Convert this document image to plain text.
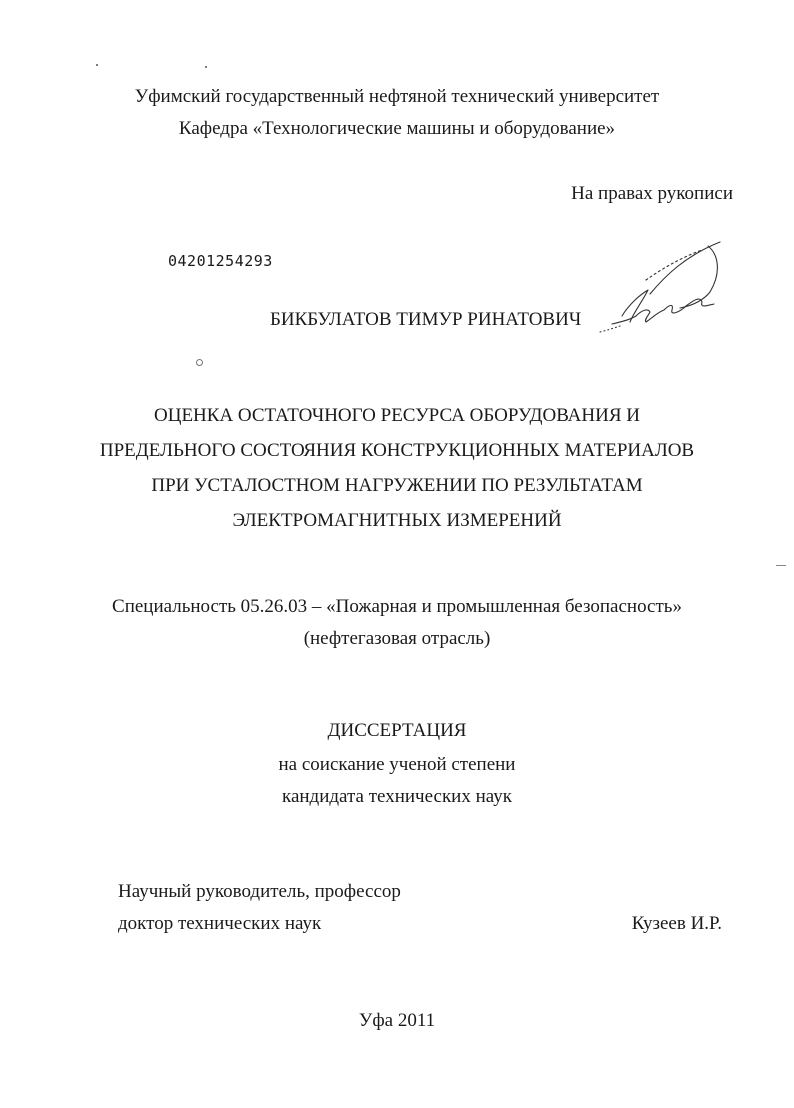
Уфимский государственный нефтяной технический университет
Кафедра «Технологические машины и оборудование»
На правах рукописи
04201254293
БИКБУЛАТОВ ТИМУР РИНАТОВИЧ
ОЦЕНКА ОСТАТОЧНОГО РЕСУРСА ОБОРУДОВАНИЯ И
ПРЕДЕЛЬНОГО СОСТОЯНИЯ КОНСТРУКЦИОННЫХ МАТЕРИАЛОВ
ПРИ УСТАЛОСТНОМ НАГРУЖЕНИИ ПО РЕЗУЛЬТАТАМ
ЭЛЕКТРОМАГНИТНЫХ ИЗМЕРЕНИЙ
Специальность 05.26.03 – «Пожарная и промышленная безопасность»
(нефтегазовая отрасль)
ДИССЕРТАЦИЯ
на соискание ученой степени
кандидата технических наук
Научный руководитель, профессор
доктор технических наук	Кузеев И.Р.
Уфа 2011
